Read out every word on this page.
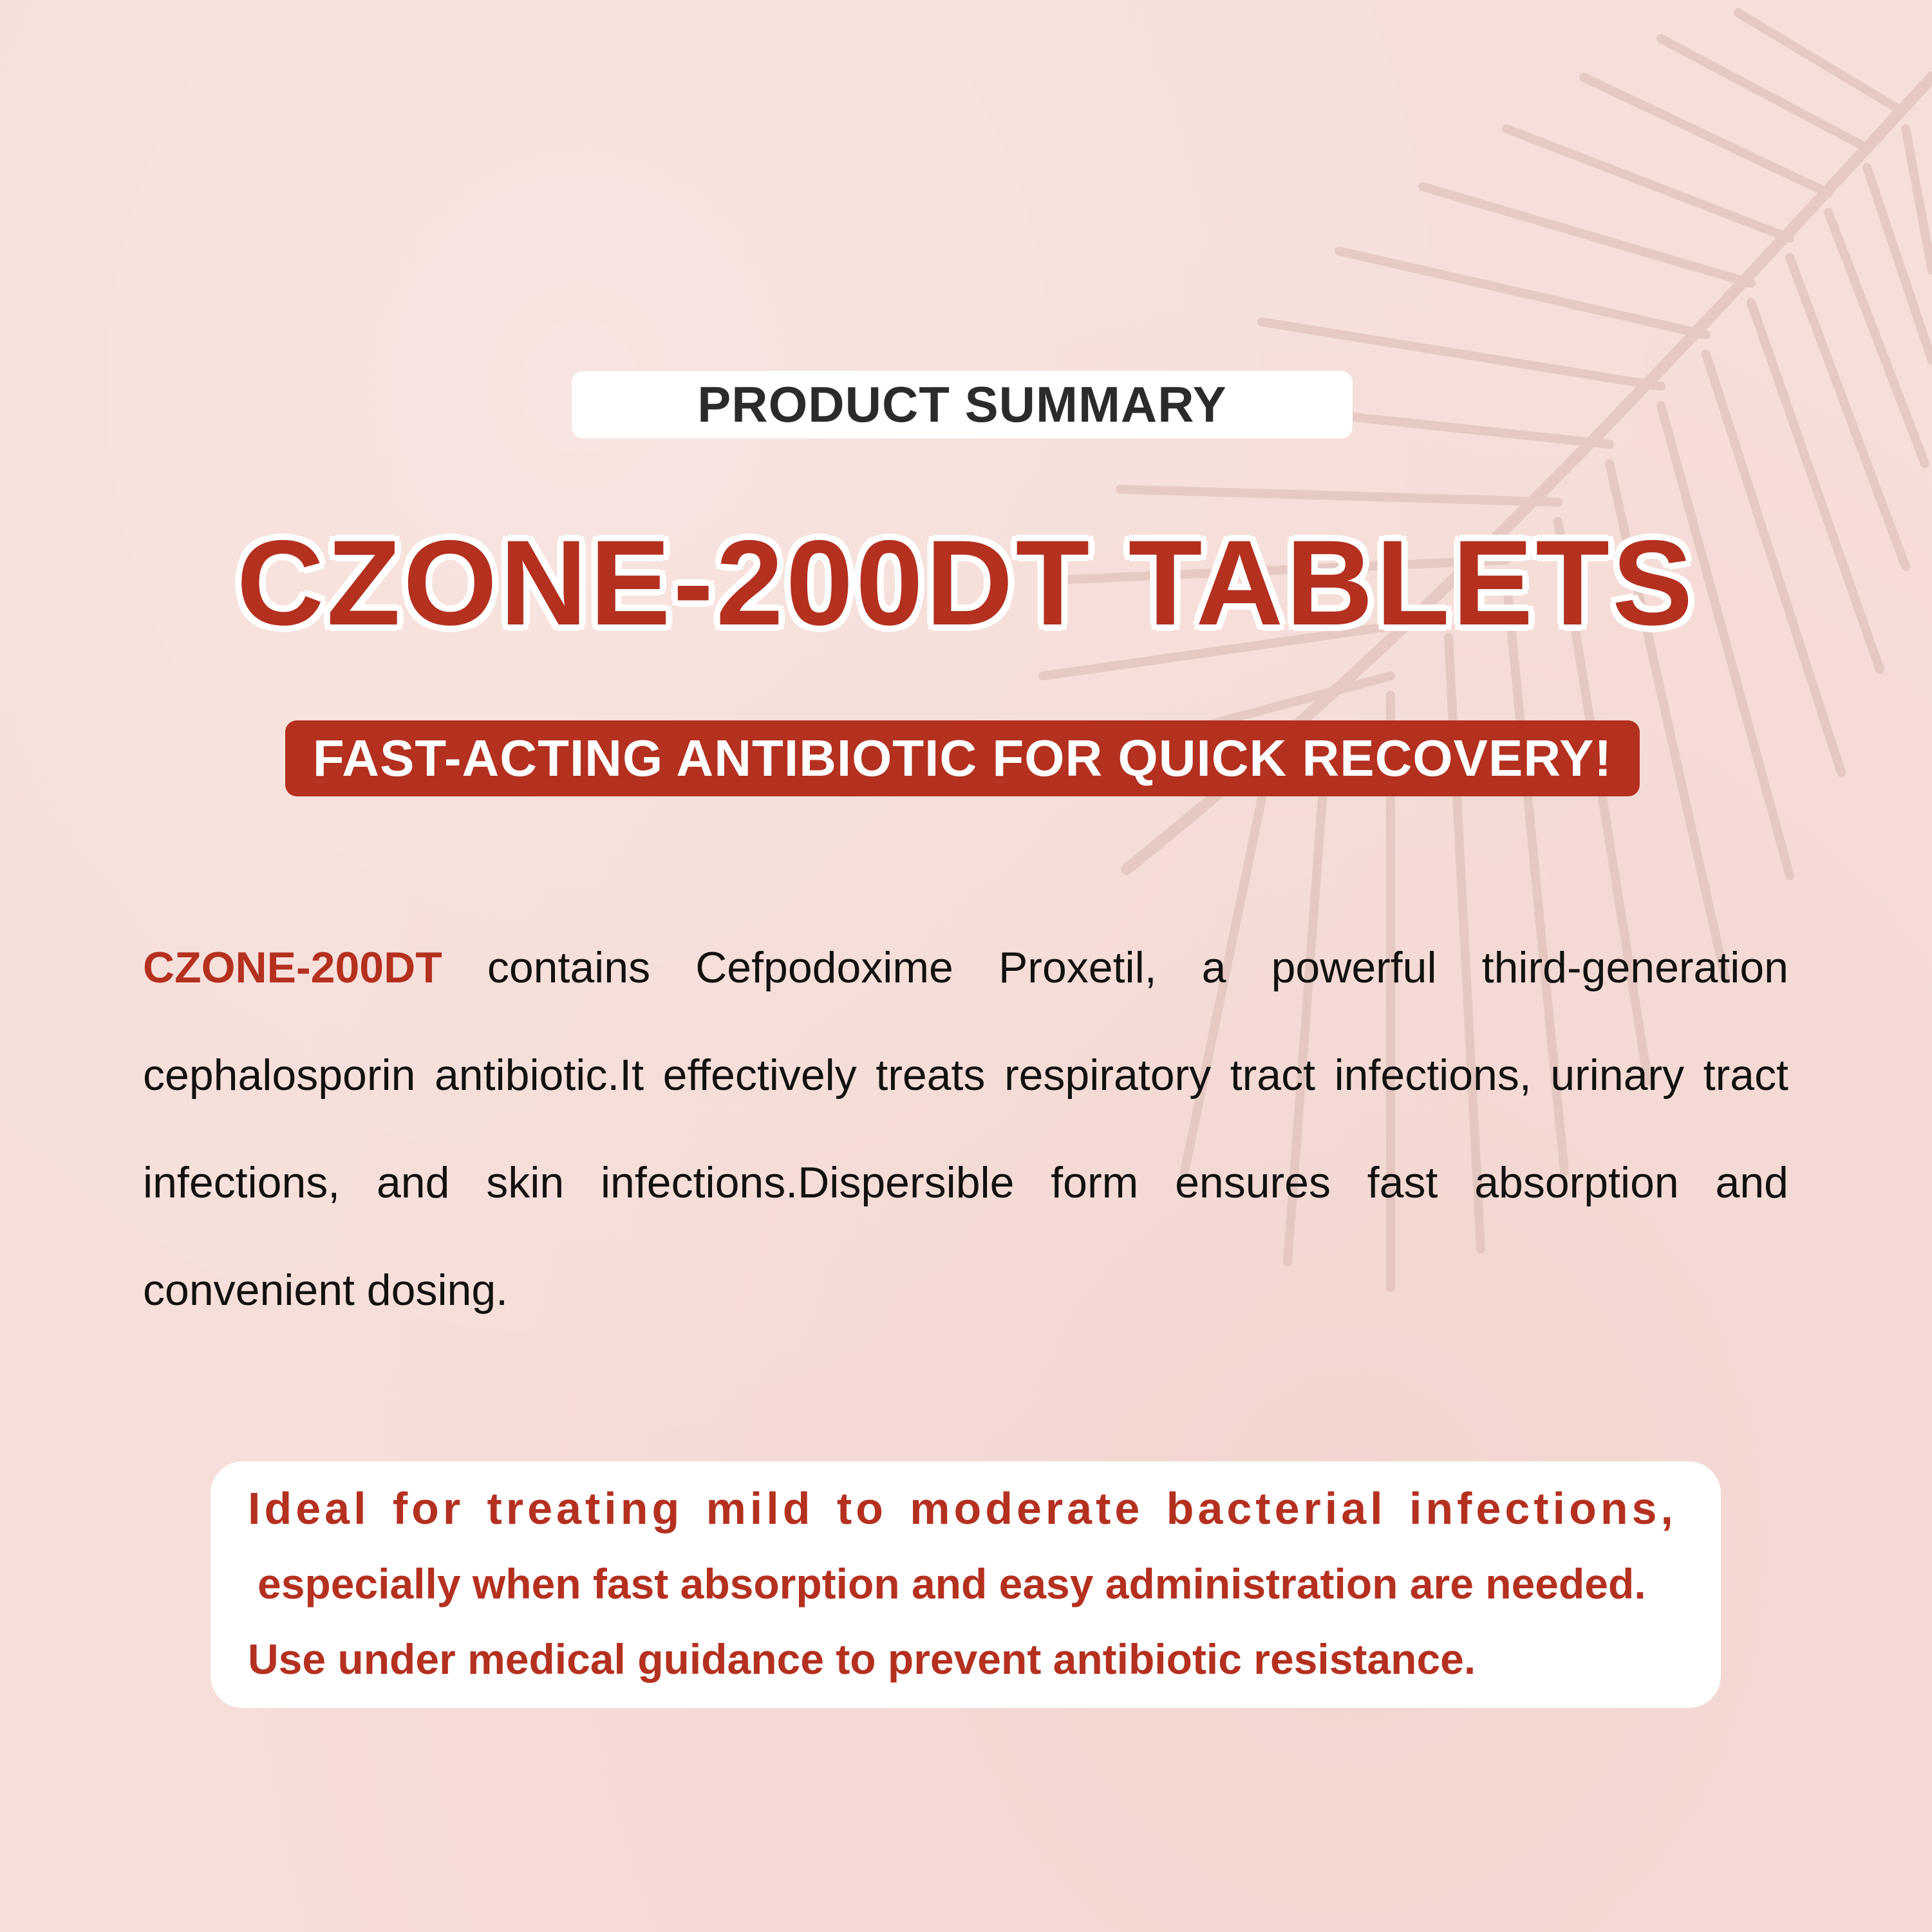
PRODUCT SUMMARY
CZONE-200DT TABLETS
FAST-ACTING ANTIBIOTIC FOR QUICK RECOVERY!
CZONE-200DT contains Cefpodoxime Proxetil, a powerful third-generation cephalosporin antibiotic.It effectively treats respiratory tract infections, urinary tract infections, and skin infections.Dispersible form ensures fast absorption and convenient dosing.
Ideal for treating mild to moderate bacterial infections,
especially when fast absorption and easy administration are needed.
Use under medical guidance to prevent antibiotic resistance.
